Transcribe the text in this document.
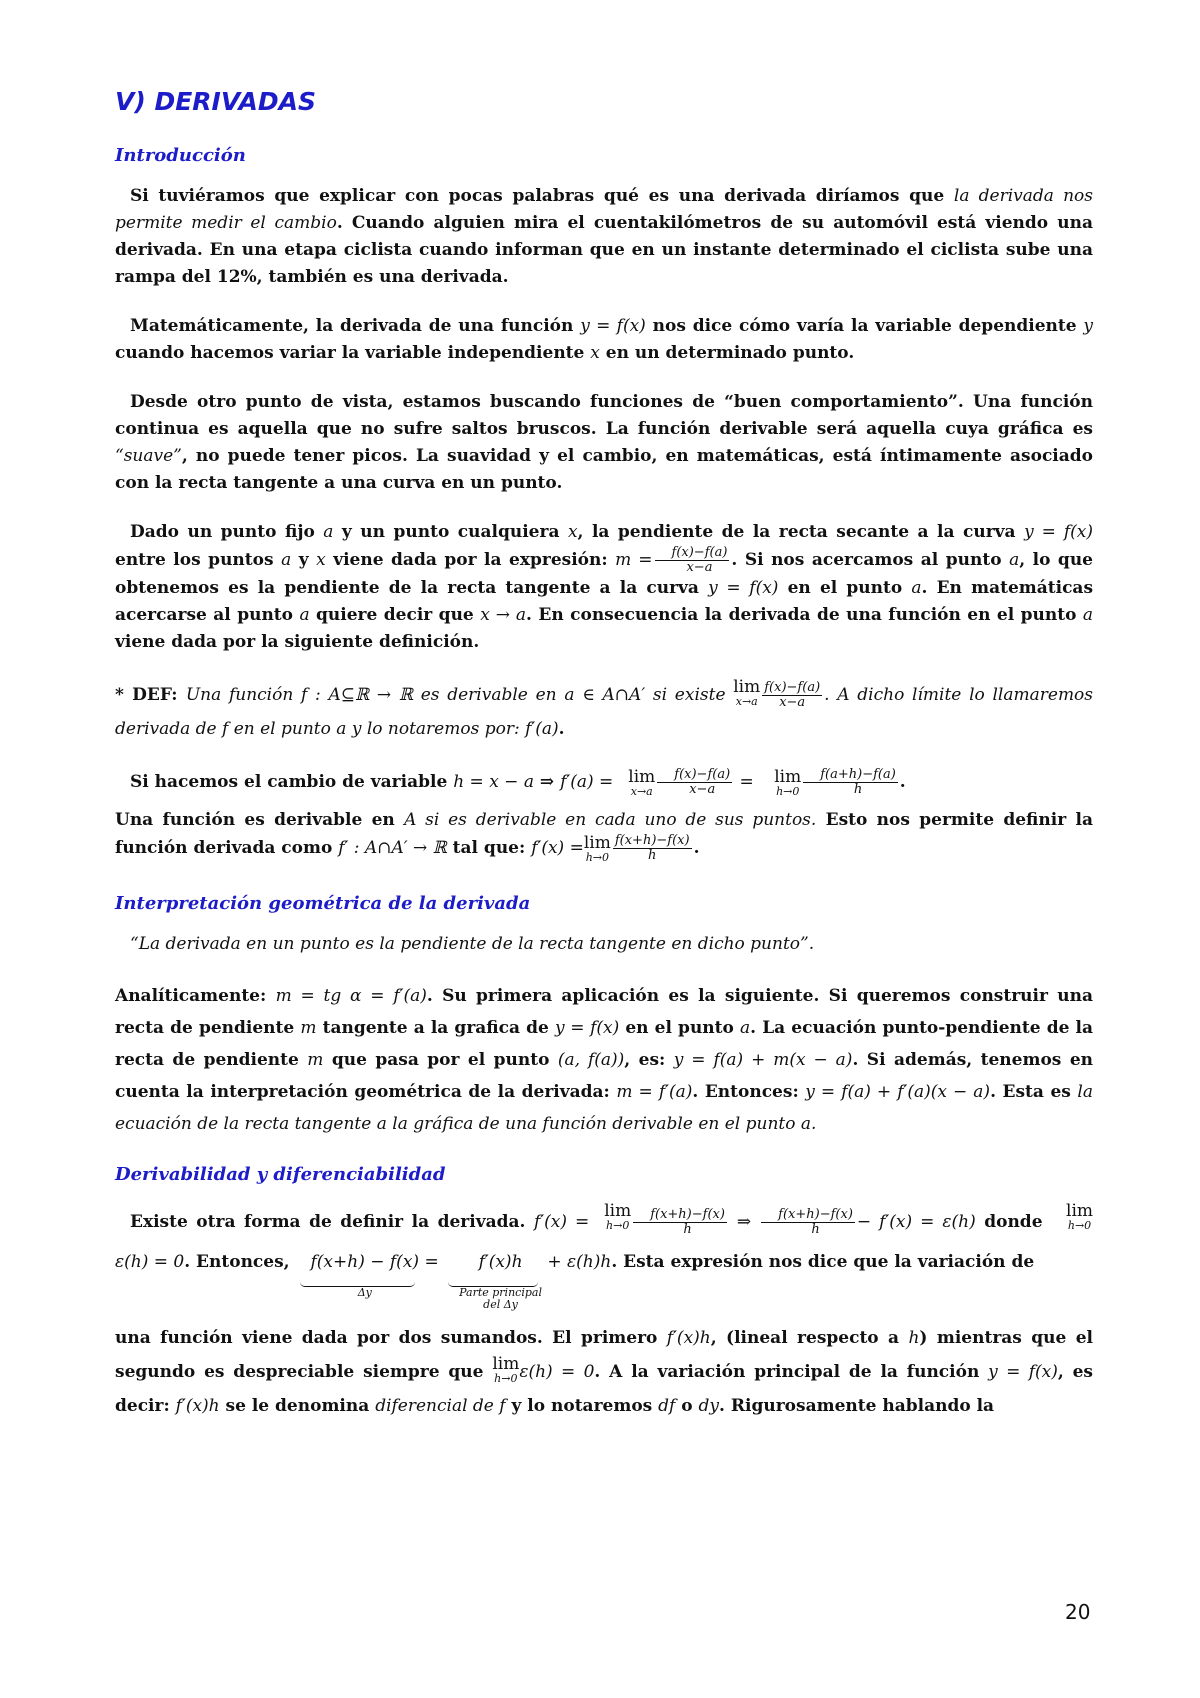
V) DERIVADAS
Introducción

Si tuviéramos que explicar con pocas palabras qué es una derivada diríamos que la derivada nos permite medir el cambio. Cuando alguien mira el cuentakilómetros de su automóvil está viendo una derivada. En una etapa ciclista cuando informan que en un instante determinado el ciclista sube una rampa del 12%, también es una derivada.

Matemáticamente, la derivada de una función y = f(x) nos dice cómo varía la variable dependiente y cuando hacemos variar la variable independiente x en un determinado punto.

Desde otro punto de vista, estamos buscando funciones de “buen comportamiento”. Una función continua es aquella que no sufre saltos bruscos. La función derivable será aquella cuya gráfica es “suave”, no puede tener picos. La suavidad y el cambio, en matemáticas, está íntimamente asociado con la recta tangente a una curva en un punto.

Dado un punto fijo a y un punto cualquiera x, la pendiente de la recta secante a la curva y = f(x) entre los puntos a y x viene dada por la expresión: $m = \frac{f(x)-f(a)}{x-a}$ . Si nos acercamos al punto a, lo que obtenemos es la pendiente de la recta tangente a la curva y = f(x) en el punto a. En matemáticas acercarse al punto a quiere decir que x → a. En consecuencia la derivada de una función en el punto a viene dada por la siguiente definición.

* DEF: Una función f : A⊆ℝ → ℝ es derivable en a ∈ A∩A′ si existe lim
$x\to a \frac{f(x)-f(a)}{x-a}$ . A dicho límite lo llamaremos derivada de f en el punto a y lo notaremos por: f′(a).

Si hacemos el cambio de variable h = x − a ⇒ f′(a) = lim
$x\to a \frac{f(x)-f(a)}{x-a} = \lim$
$h\to 0 \frac{f(a+h)-f(a)}{h}$ .

Una función es derivable en A si es derivable en cada uno de sus puntos. Esto nos permite definir la función derivada como f′ : A∩A′ → ℝ tal que: f′(x) =lim
$h\to 0 \frac{f(x+h)-f(x)}{h}$ .

Interpretación geométrica de la derivada

“La derivada en un punto es la pendiente de la recta tangente en dicho punto”.

Analíticamente: m = tg α = f′(a). Su primera aplicación es la siguiente. Si queremos construir una recta de pendiente m tangente a la grafica de y = f(x) en el punto a. La ecuación punto-pendiente de la recta de pendiente m que pasa por el punto (a, f(a)), es: y = f(a) + m(x − a). Si además, tenemos en cuenta la interpretación geométrica de la derivada: m = f′(a). Entonces: y = f(a) + f′(a)(x − a). Esta es la ecuación de la recta tangente a la gráfica de una función derivable en el punto a.

Derivabilidad y diferenciabilidad

Existe otra forma de definir la derivada. f′(x) =lim
$h\to 0 \frac{f(x+h)-f(x)}{h}$ ⇒ $\frac{f(x+h)-f(x)}{h} - f'(x) = \varepsilon(h)$ donde lim
h→0
ε(h) = 0. Entonces, f(x+h) − f(x)
Δy
= f′(x)h
Parte principal
del Δy
+ ε(h)h. Esta expresión nos dice que la variación de

una función viene dada por dos sumandos. El primero f′(x)h, (lineal respecto a h) mientras que el segundo es despreciable siempre que lim
h→0 ε(h) = 0. A la variación principal de la función y = f(x), es decir: f′(x)h se le denomina diferencial de f y lo notaremos df o dy. Rigurosamente hablando la

20
